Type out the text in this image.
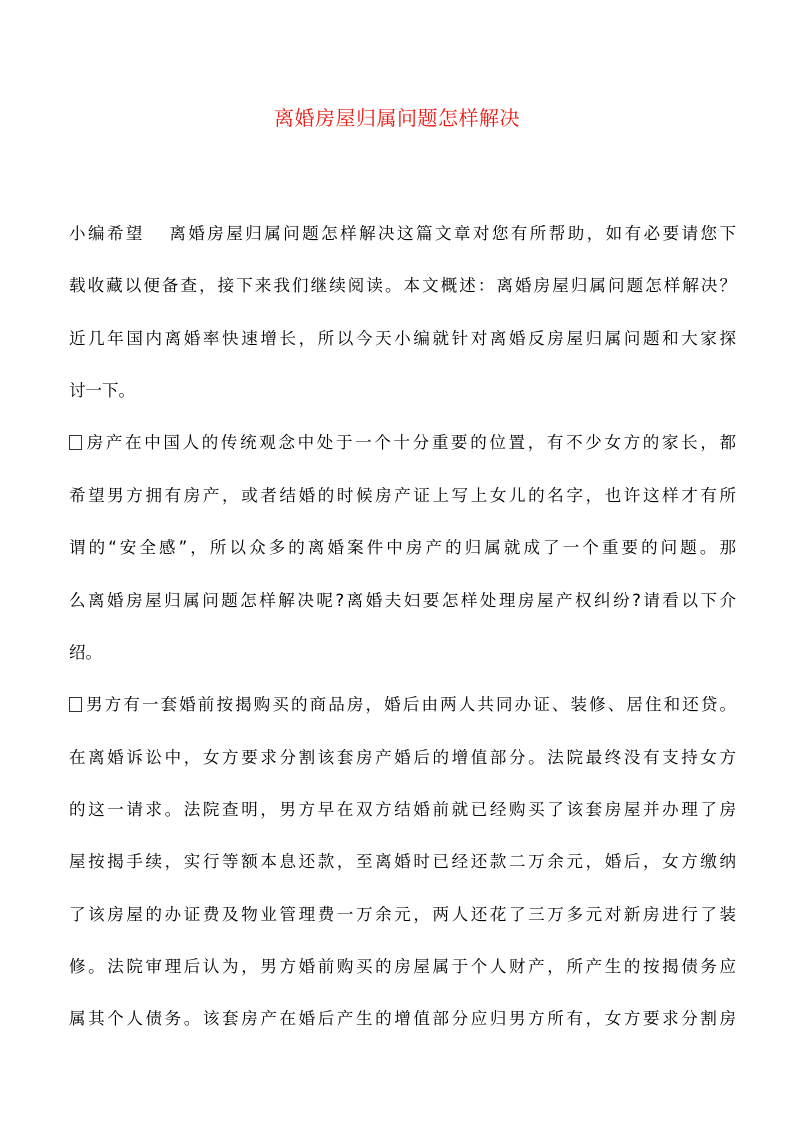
离婚房屋归属问题怎样解决
小编希望 离婚房屋归属问题怎样解决这篇文章对您有所帮助，如有必要请您下
载收藏以便备查，接下来我们继续阅读。本文概述：离婚房屋归属问题怎样解决？
近几年国内离婚率快速增长，所以今天小编就针对离婚反房屋归属问题和大家探
讨一下。
房产在中国人的传统观念中处于一个十分重要的位置，有不少女方的家长，都
希望男方拥有房产，或者结婚的时候房产证上写上女儿的名字，也许这样才有所
谓的“安全感”，所以众多的离婚案件中房产的归属就成了一个重要的问题。那
么离婚房屋归属问题怎样解决呢?离婚夫妇要怎样处理房屋产权纠纷?请看以下介
绍。
男方有一套婚前按揭购买的商品房，婚后由两人共同办证、装修、居住和还贷。
在离婚诉讼中，女方要求分割该套房产婚后的增值部分。法院最终没有支持女方
的这一请求。法院查明，男方早在双方结婚前就已经购买了该套房屋并办理了房
屋按揭手续，实行等额本息还款，至离婚时已经还款二万余元，婚后，女方缴纳
了该房屋的办证费及物业管理费一万余元，两人还花了三万多元对新房进行了装
修。法院审理后认为，男方婚前购买的房屋属于个人财产，所产生的按揭债务应
属其个人债务。该套房产在婚后产生的增值部分应归男方所有，女方要求分割房
